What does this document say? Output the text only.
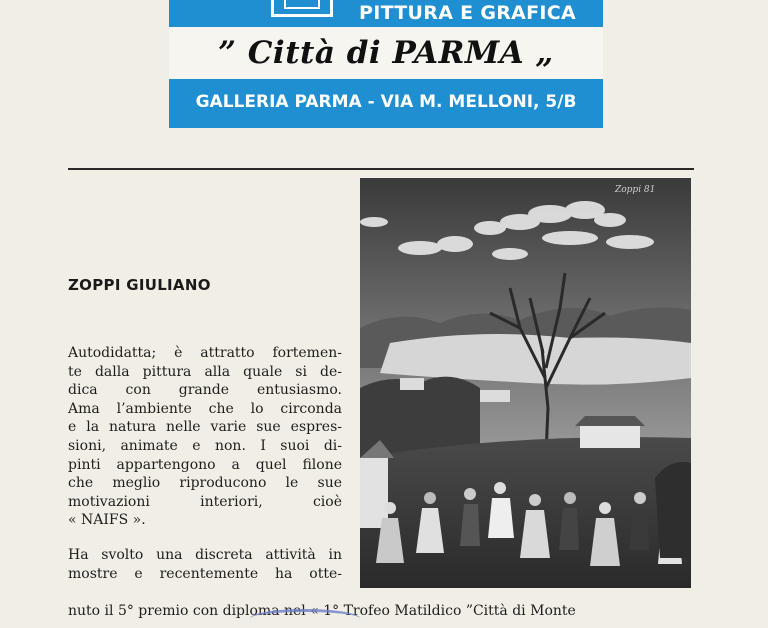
PITTURA E GRAFICA
” Città di PARMA „
GALLERIA PARMA - VIA M. MELLONI, 5/B
ZOPPI GIULIANO
Autodidatta; è attratto fortemen-
te dalla pittura alla quale si de-
dica con grande entusiasmo.
Ama l’ambiente che lo circonda
e la natura nelle varie sue espres-
sioni, animate e non. I suoi di-
pinti appartengono a quel filone
che meglio riproducono le sue
motivazioni interiori, cioè
« NAIFS ».
Ha svolto una discreta attività in
mostre e recentemente ha otte-
nuto il 5° premio con diploma nel « 1° Trofeo Matildico ”Città di Monte
Zoppi 81
